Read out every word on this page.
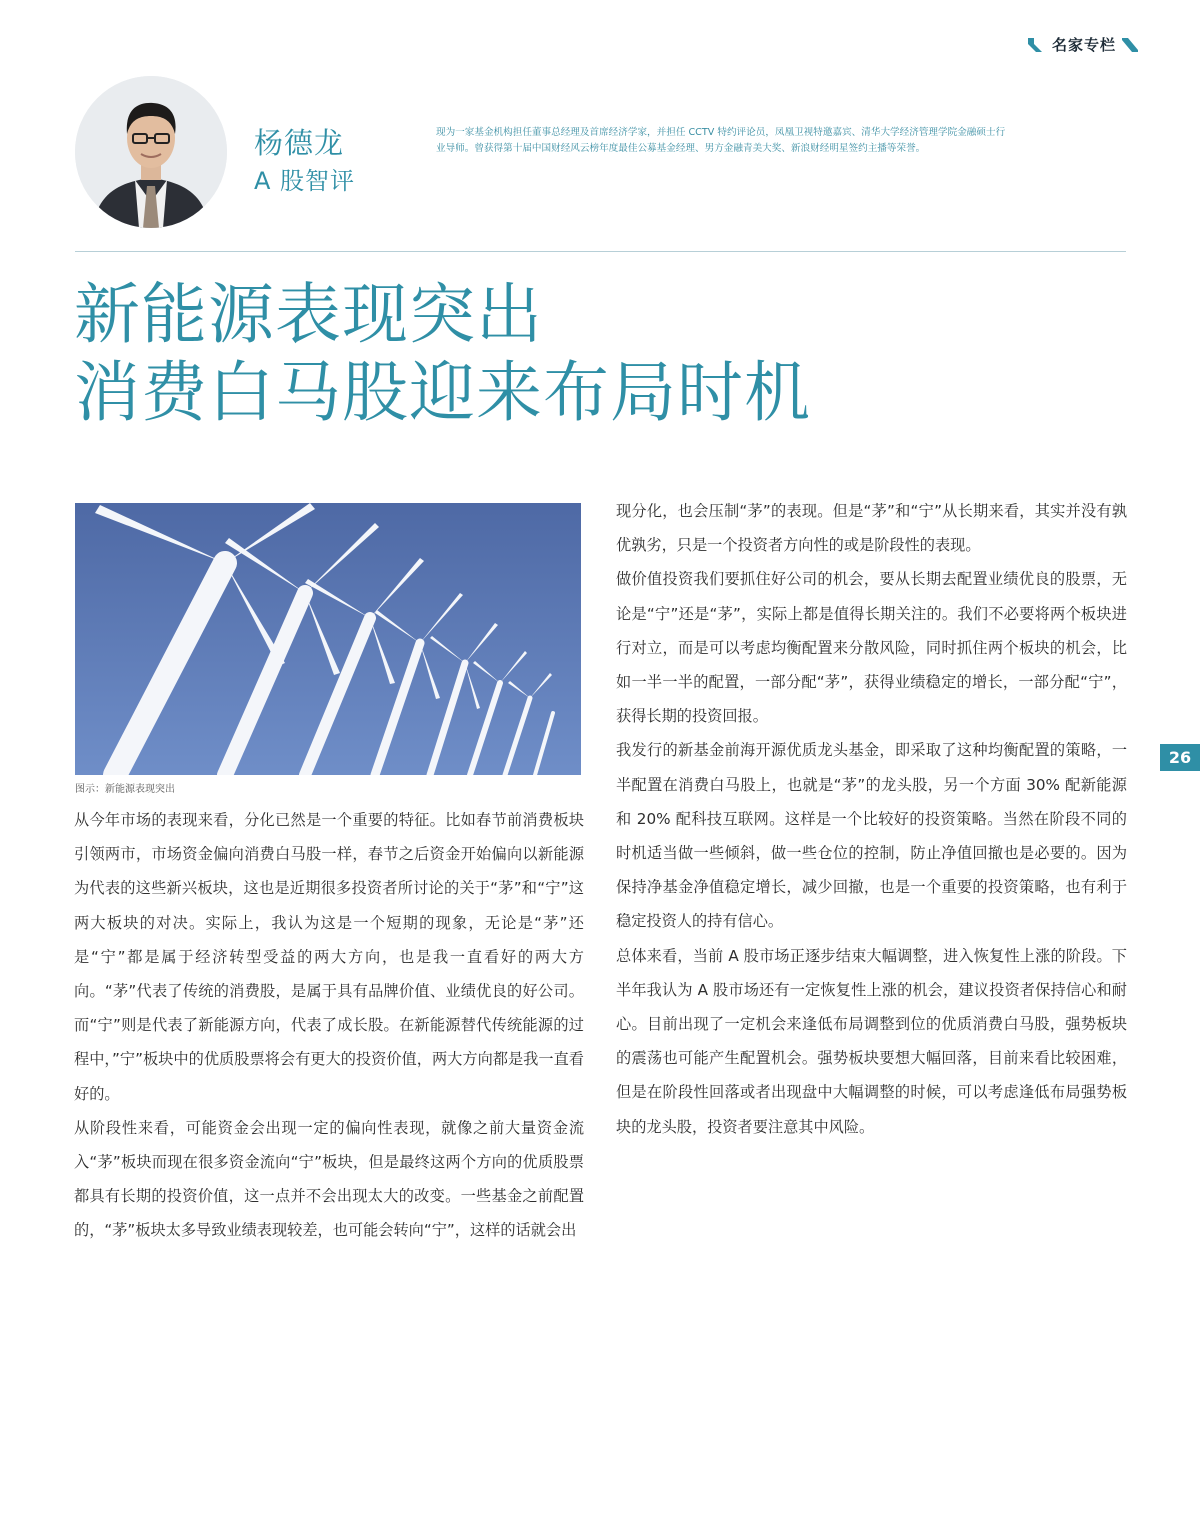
名家专栏
杨德龙
A 股智评
现为一家基金机构担任董事总经理及首席经济学家，并担任 CCTV 特约评论员，凤凰卫视特邀嘉宾、清华大学经济管理学院金融硕士行业导师。曾获得第十届中国财经风云榜年度最佳公募基金经理、男方金融青美大奖、新浪财经明星签约主播等荣誉。
新能源表现突出
消费白马股迎来布局时机
图示：新能源表现突出

从今年市场的表现来看，分化已然是一个重要的特征。比如春节前消费板块引领两市，市场资金偏向消费白马股一样，春节之后资金开始偏向以新能源为代表的这些新兴板块，这也是近期很多投资者所讨论的关于“茅”和“宁”这两大板块的对决。实际上，我认为这是一个短期的现象，无论是“茅”还是“宁”都是属于经济转型受益的两大方向，也是我一直看好的两大方向。“茅”代表了传统的消费股，是属于具有品牌价值、业绩优良的好公司。而“宁”则是代表了新能源方向，代表了成长股。在新能源替代传统能源的过程中，”宁”板块中的优质股票将会有更大的投资价值，两大方向都是我一直看好的。

从阶段性来看，可能资金会出现一定的偏向性表现，就像之前大量资金流入“茅”板块而现在很多资金流向“宁”板块，但是最终这两个方向的优质股票都具有长期的投资价值，这一点并不会出现太大的改变。一些基金之前配置的，“茅”板块太多导致业绩表现较差，也可能会转向“宁”，这样的话就会出

现分化，也会压制“茅”的表现。但是“茅”和“宁”从长期来看，其实并没有孰优孰劣，只是一个投资者方向性的或是阶段性的表现。

做价值投资我们要抓住好公司的机会，要从长期去配置业绩优良的股票，无论是“宁”还是“茅”，实际上都是值得长期关注的。我们不必要将两个板块进行对立，而是可以考虑均衡配置来分散风险，同时抓住两个板块的机会，比如一半一半的配置，一部分配“茅”，获得业绩稳定的增长，一部分配“宁”，获得长期的投资回报。

我发行的新基金前海开源优质龙头基金，即采取了这种均衡配置的策略，一半配置在消费白马股上，也就是“茅”的龙头股，另一个方面 30% 配新能源和 20% 配科技互联网。这样是一个比较好的投资策略。当然在阶段不同的时机适当做一些倾斜，做一些仓位的控制，防止净值回撤也是必要的。因为保持净基金净值稳定增长，减少回撤，也是一个重要的投资策略，也有利于稳定投资人的持有信心。

总体来看，当前 A 股市场正逐步结束大幅调整，进入恢复性上涨的阶段。下半年我认为 A 股市场还有一定恢复性上涨的机会，建议投资者保持信心和耐心。目前出现了一定机会来逢低布局调整到位的优质消费白马股，强势板块的震荡也可能产生配置机会。强势板块要想大幅回落，目前来看比较困难，但是在阶段性回落或者出现盘中大幅调整的时候，可以考虑逢低布局强势板块的龙头股，投资者要注意其中风险。

26
